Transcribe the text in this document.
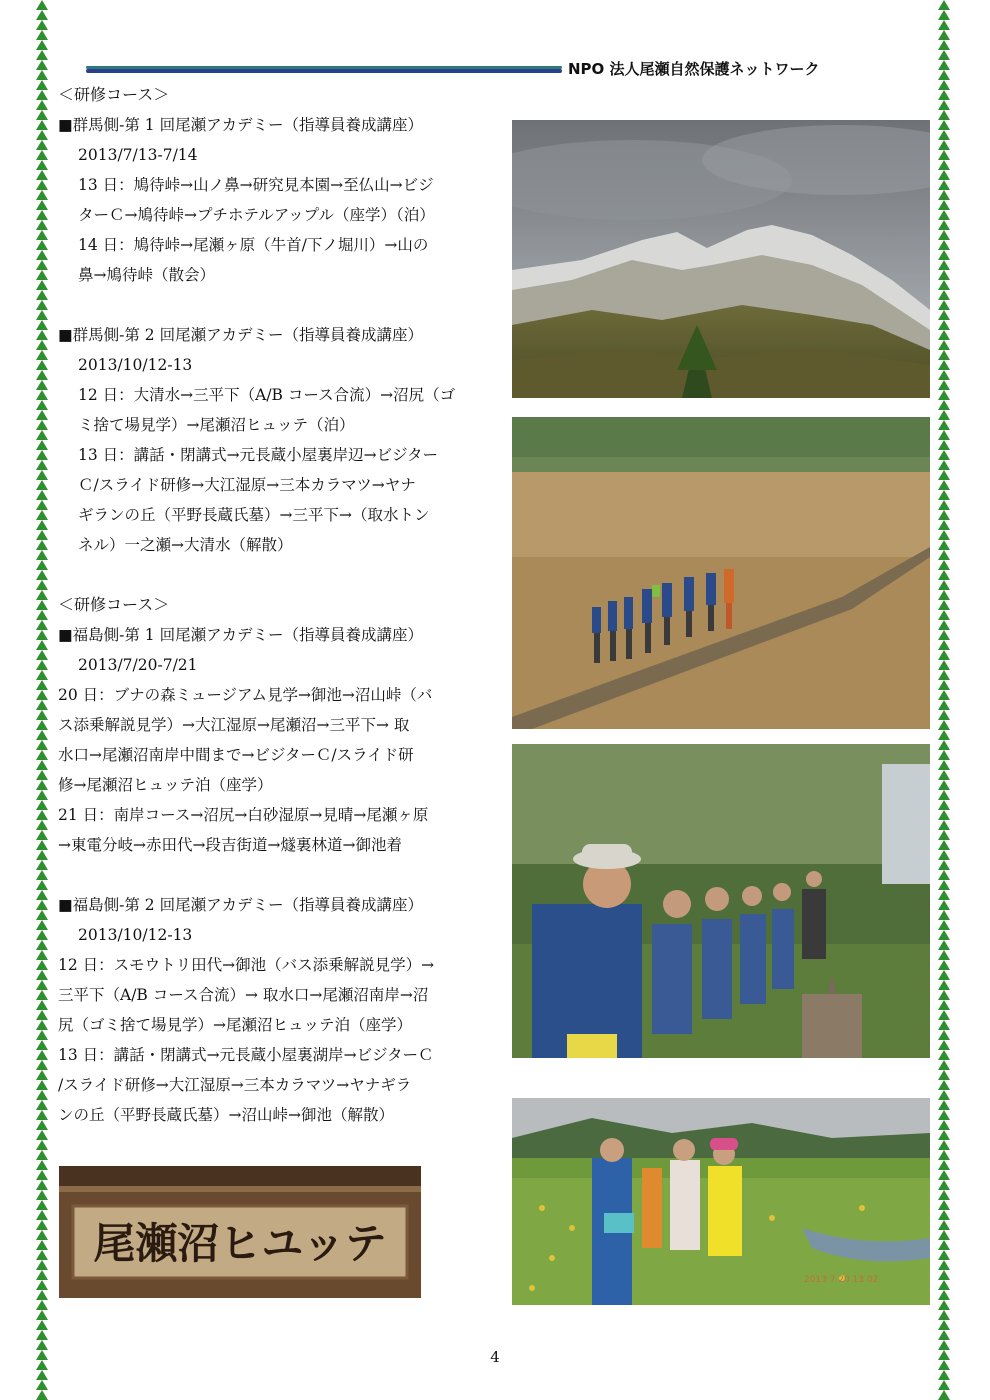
NPO 法人尾瀬自然保護ネットワーク

＜研修コース＞

■群馬側-第 1 回尾瀬アカデミー（指導員養成講座）

2013/7/13-7/14

13 日：鳩待峠→山ノ鼻→研究見本園→至仏山→ビジ

ターＣ→鳩待峠→プチホテルアップル（座学）（泊）

14 日：鳩待峠→尾瀬ヶ原（牛首/下ノ堀川）→山の

鼻→鳩待峠（散会）

■群馬側-第 2 回尾瀬アカデミー（指導員養成講座）

2013/10/12-13

12 日：大清水→三平下（A/B コース合流）→沼尻（ゴ

ミ捨て場見学）→尾瀬沼ヒュッテ（泊）

13 日：講話・閉講式→元長蔵小屋裏岸辺→ビジター

Ｃ/スライド研修→大江湿原→三本カラマツ→ヤナ

ギランの丘（平野長蔵氏墓）→三平下→（取水トン

ネル）一之瀬→大清水（解散）

＜研修コース＞

■福島側-第 1 回尾瀬アカデミー（指導員養成講座）

2013/7/20-7/21

20 日：ブナの森ミュージアム見学→御池→沼山峠（バ

ス添乗解説見学）→大江湿原→尾瀬沼→三平下→ 取

水口→尾瀬沼南岸中間まで→ビジターＣ/スライド研

修→尾瀬沼ヒュッテ泊（座学）

21 日：南岸コース→沼尻→白砂湿原→見晴→尾瀬ヶ原

→東電分岐→赤田代→段吉街道→燧裏林道→御池着

■福島側-第 2 回尾瀬アカデミー（指導員養成講座）

2013/10/12-13

12 日：スモウトリ田代→御池（バス添乗解説見学）→

三平下（A/B コース合流）→ 取水口→尾瀬沼南岸→沼

尻（ゴミ捨て場見学）→尾瀬沼ヒュッテ泊（座学）

13 日：講話・閉講式→元長蔵小屋裏湖岸→ビジターＣ

/スライド研修→大江湿原→三本カラマツ→ヤナギラ

ンの丘（平野長蔵氏墓）→沼山峠→御池（解散）

2013 7 20 13 02
尾瀬沼ヒユッテ
4
